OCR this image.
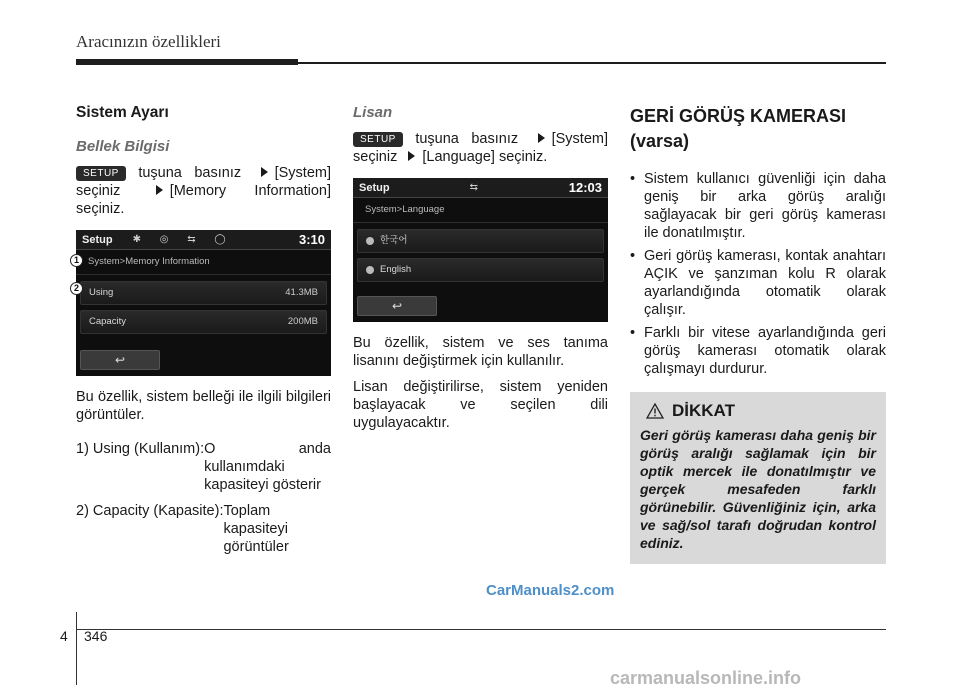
Aracınızın özellikleri
Sistem Ayarı
Bellek Bilgisi
SETUP tuşuna basınız [System] seçiniz	[Memory Information] seçiniz.
Setup ✱ ◎ ⇆ ◯	3:10
System>Memory Information
Using	41.3MB
Capacity	200MB
↩
1
2
Bu özellik, sistem belleği ile ilgili bilgileri görüntüler.
1) Using (Kullanım): O anda kullanımdaki kapasiteyi gösterir
2) Capacity (Kapasite): Toplam kapasiteyi görüntüler
Lisan
SETUP tuşuna basınız [System] seçiniz [Language] seçiniz.
Setup	⇆	12:03
System>Language
한국어
English
↩
Bu özellik, sistem ve ses tanıma lisanını değiştirmek için kullanılır.
Lisan değiştirilirse, sistem yeniden başlayacak ve seçilen dili uygulayacaktır.
GERİ GÖRÜŞ KAMERASI (varsa)
• Sistem kullanıcı güvenliği için daha geniş bir arka görüş aralığı sağlayacak bir geri görüş kamerası ile donatılmıştır.
• Geri görüş kamerası, kontak anahtarı AÇIK ve şanzıman kolu R olarak ayarlandığında otomatik olarak çalışır.
• Farklı bir vitese ayarlandığında geri görüş kamerası otomatik olarak çalışmayı durdurur.
DİKKAT
Geri görüş kamerası daha geniş bir görüş aralığı sağlamak için bir optik mercek ile donatılmıştır ve gerçek mesafeden farklı görünebilir. Güvenliğiniz için, arka ve sağ/sol tarafı doğrudan kontrol ediniz.
CarManuals2.com
4 346
carmanualsonline.info
